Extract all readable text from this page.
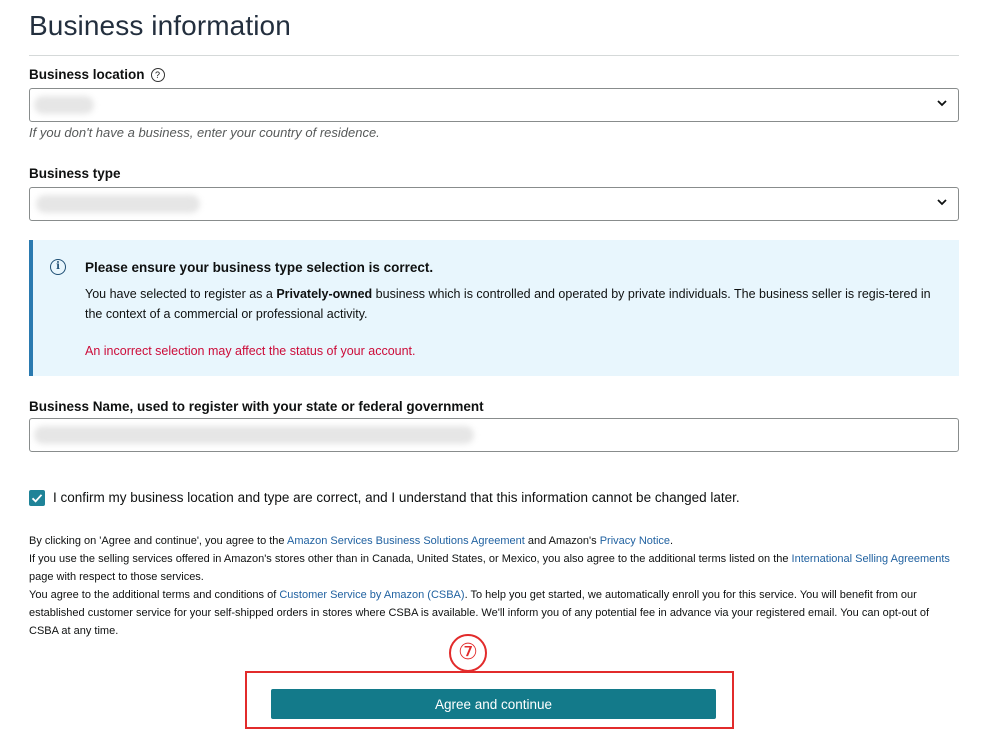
Business information
Business location ?
If you don't have a business, enter your country of residence.
Business type
i	Please ensure your business type selection is correct.
You have selected to register as a Privately-owned business which is controlled and operated by private individuals. The business seller is regis-tered in the context of a commercial or professional activity.
An incorrect selection may affect the status of your account.
Business Name, used to register with your state or federal government
I confirm my business location and type are correct, and I understand that this information cannot be changed later.
By clicking on 'Agree and continue', you agree to the Amazon Services Business Solutions Agreement and Amazon's Privacy Notice.
If you use the selling services offered in Amazon's stores other than in Canada, United States, or Mexico, you also agree to the additional terms listed on the International Selling Agreements page with respect to those services.
You agree to the additional terms and conditions of Customer Service by Amazon (CSBA). To help you get started, we automatically enroll you for this service. You will benefit from our established customer service for your self-shipped orders in stores where CSBA is available. We'll inform you of any potential fee in advance via your registered email. You can opt-out of CSBA at any time.
⑦
Agree and continue
